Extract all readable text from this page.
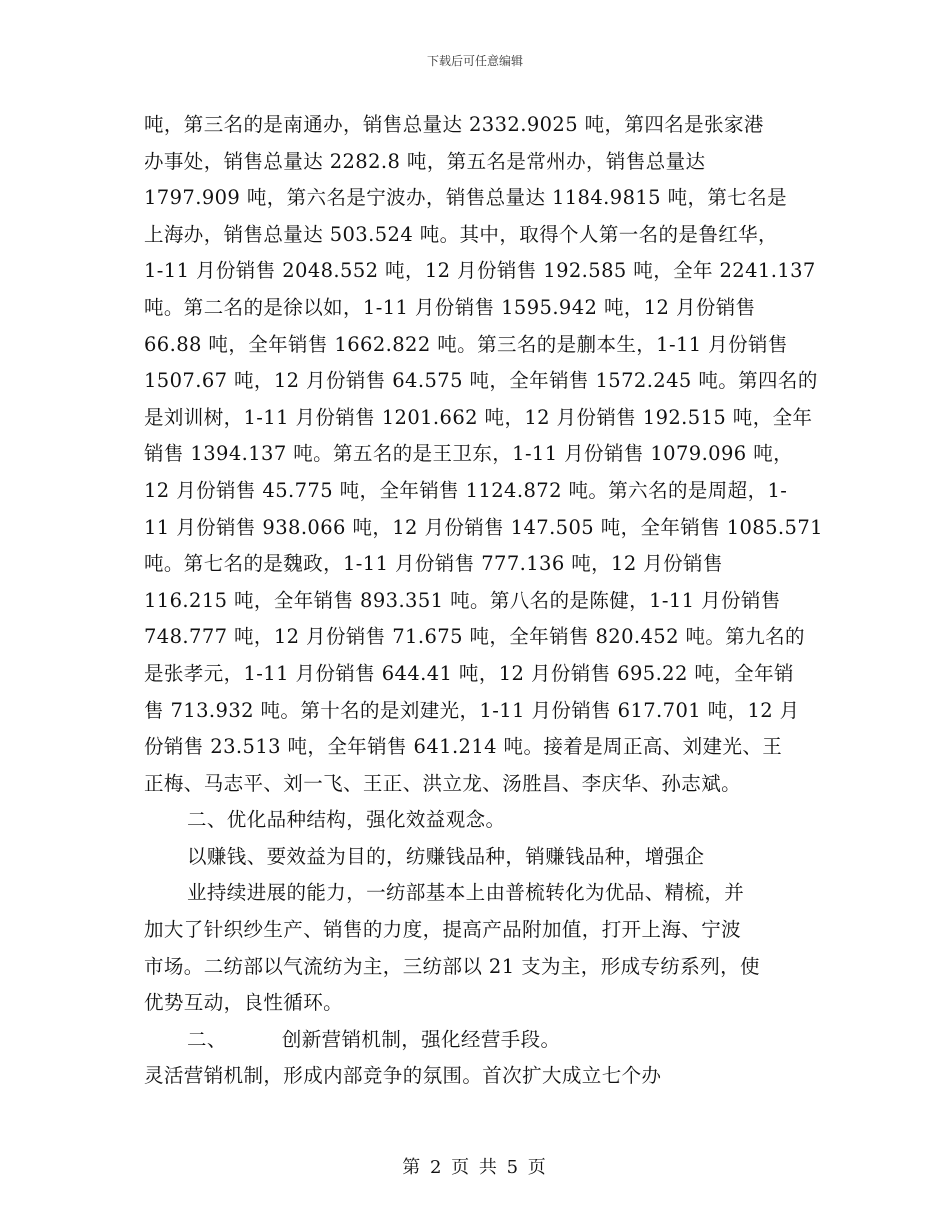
下载后可任意编辑
吨，第三名的是南通办，销售总量达 2332.9025 吨，第四名是张家港
办事处，销售总量达 2282.8 吨，第五名是常州办，销售总量达
1797.909 吨，第六名是宁波办，销售总量达 1184.9815 吨，第七名是
上海办，销售总量达 503.524 吨。其中，取得个人第一名的是鲁红华，
1-11 月份销售 2048.552 吨，12 月份销售 192.585 吨，全年 2241.137
吨。第二名的是徐以如，1-11 月份销售 1595.942 吨，12 月份销售
66.88 吨，全年销售 1662.822 吨。第三名的是蒯本生，1-11 月份销售
1507.67 吨，12 月份销售 64.575 吨，全年销售 1572.245 吨。第四名的
是刘训树，1-11 月份销售 1201.662 吨，12 月份销售 192.515 吨，全年
销售 1394.137 吨。第五名的是王卫东，1-11 月份销售 1079.096 吨，
12 月份销售 45.775 吨，全年销售 1124.872 吨。第六名的是周超，1-
11 月份销售 938.066 吨，12 月份销售 147.505 吨，全年销售 1085.571
吨。第七名的是魏政，1-11 月份销售 777.136 吨，12 月份销售
116.215 吨，全年销售 893.351 吨。第八名的是陈健，1-11 月份销售
748.777 吨，12 月份销售 71.675 吨，全年销售 820.452 吨。第九名的
是张孝元，1-11 月份销售 644.41 吨，12 月份销售 695.22 吨，全年销
售 713.932 吨。第十名的是刘建光，1-11 月份销售 617.701 吨，12 月
份销售 23.513 吨，全年销售 641.214 吨。接着是周正高、刘建光、王
正梅、马志平、刘一飞、王正、洪立龙、汤胜昌、李庆华、孙志斌。
二、优化品种结构，强化效益观念。
以赚钱、要效益为目的，纺赚钱品种，销赚钱品种，增强企
业持续进展的能力，一纺部基本上由普梳转化为优品、精梳，并
加大了针织纱生产、销售的力度，提高产品附加值，打开上海、宁波
市场。二纺部以气流纺为主，三纺部以 21 支为主，形成专纺系列，使
优势互动，良性循环。
二、	创新营销机制，强化经营手段。
灵活营销机制，形成内部竞争的氛围。首次扩大成立七个办
第 2 页 共 5 页
